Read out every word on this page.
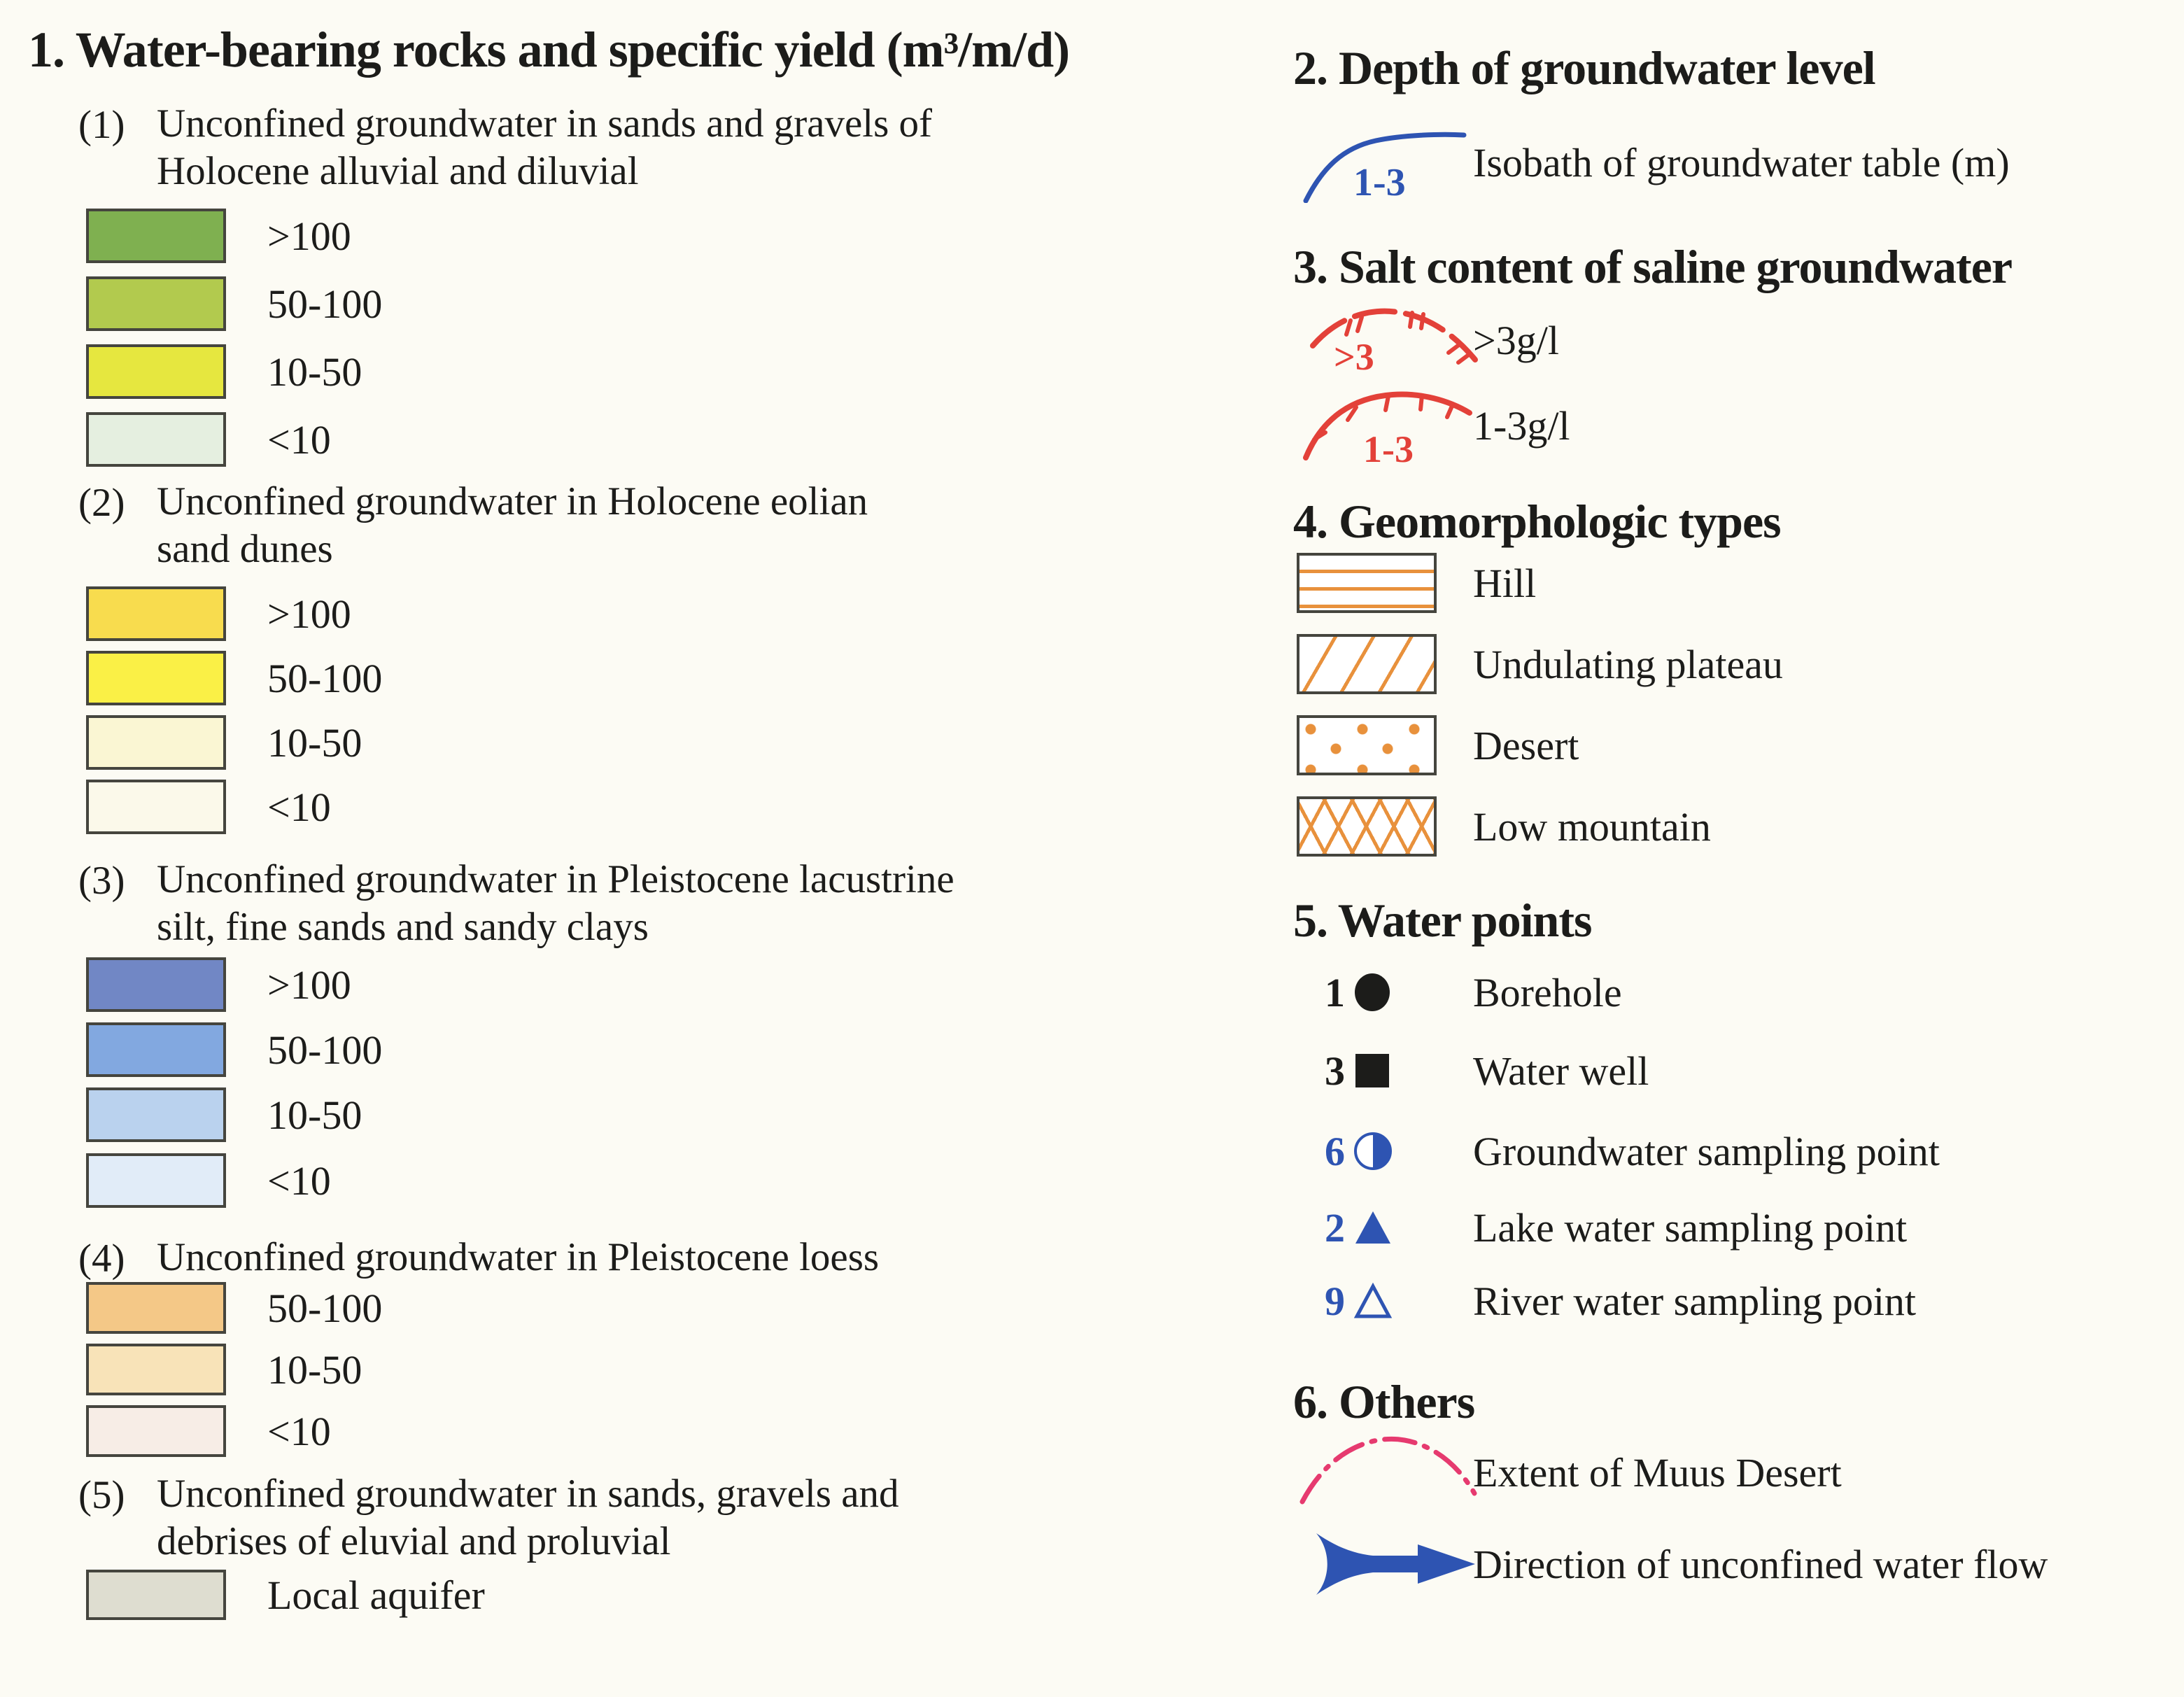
1. Water-bearing rocks and specific yield (m³/m/d)
(1) Unconfined groundwater in sands and gravels of
Holocene alluvial and diluvial
>100
50-100
10-50
<10
(2) Unconfined groundwater in Holocene eolian
sand dunes
>100
50-100
10-50
<10
(3) Unconfined groundwater in Pleistocene lacustrine
silt, fine sands and sandy clays
>100
50-100
10-50
<10
(4) Unconfined groundwater in Pleistocene loess
50-100
10-50
<10
(5) Unconfined groundwater in sands, gravels and
debrises of eluvial and proluvial
Local aquifer
2. Depth of groundwater level
1-3 Isobath of groundwater table (m)
3. Salt content of saline groundwater
>3 >3g/l
1-3
1-3g/l
4. Geomorphologic types
Hill
Undulating plateau
Desert
Low mountain
5. Water points
1	Borehole
3	Water well
6	Groundwater sampling point
2	Lake water sampling point
9	River water sampling point
6. Others
Extent of Muus Desert
Direction of unconfined water flow
